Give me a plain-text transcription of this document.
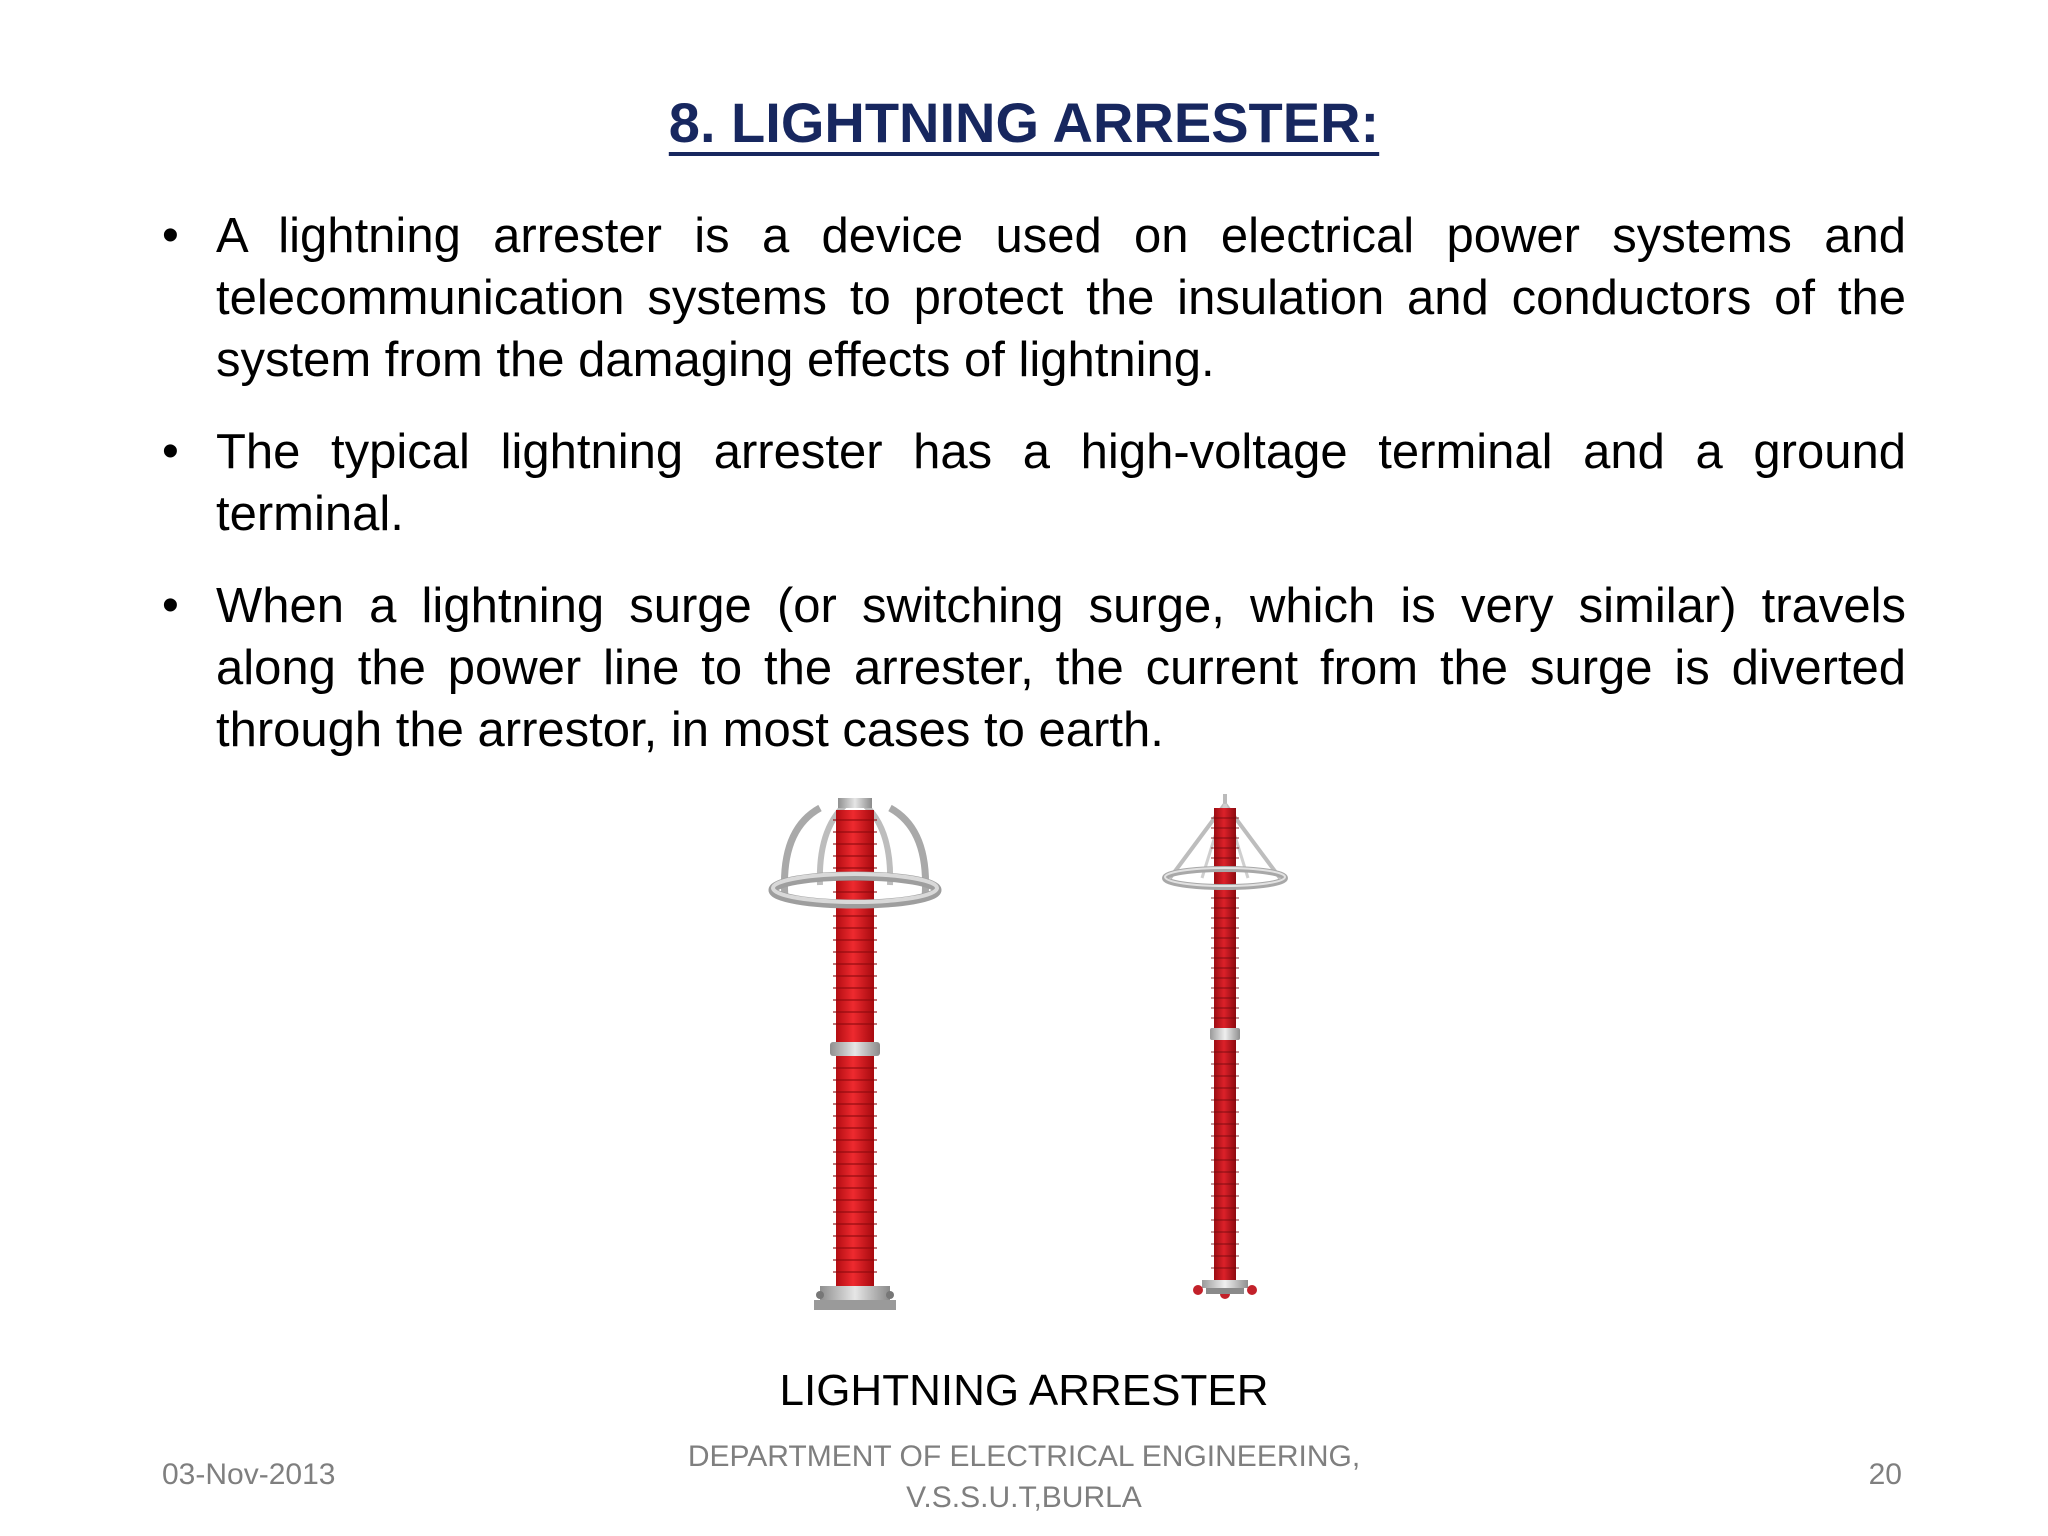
8. LIGHTNING ARRESTER:
• A lightning arrester is a device used on electrical power systems and telecommunication systems to protect the insulation and conductors of the system from the damaging effects of lightning.
• The typical lightning arrester has a high-voltage terminal and a ground terminal.
• When a lightning surge (or switching surge, which is very similar) travels along the power line to the arrester, the current from the surge is diverted through the arrestor, in most cases to earth.
LIGHTNING ARRESTER
03-Nov-2013
DEPARTMENT OF ELECTRICAL ENGINEERING,
V.S.S.U.T,BURLA
20
